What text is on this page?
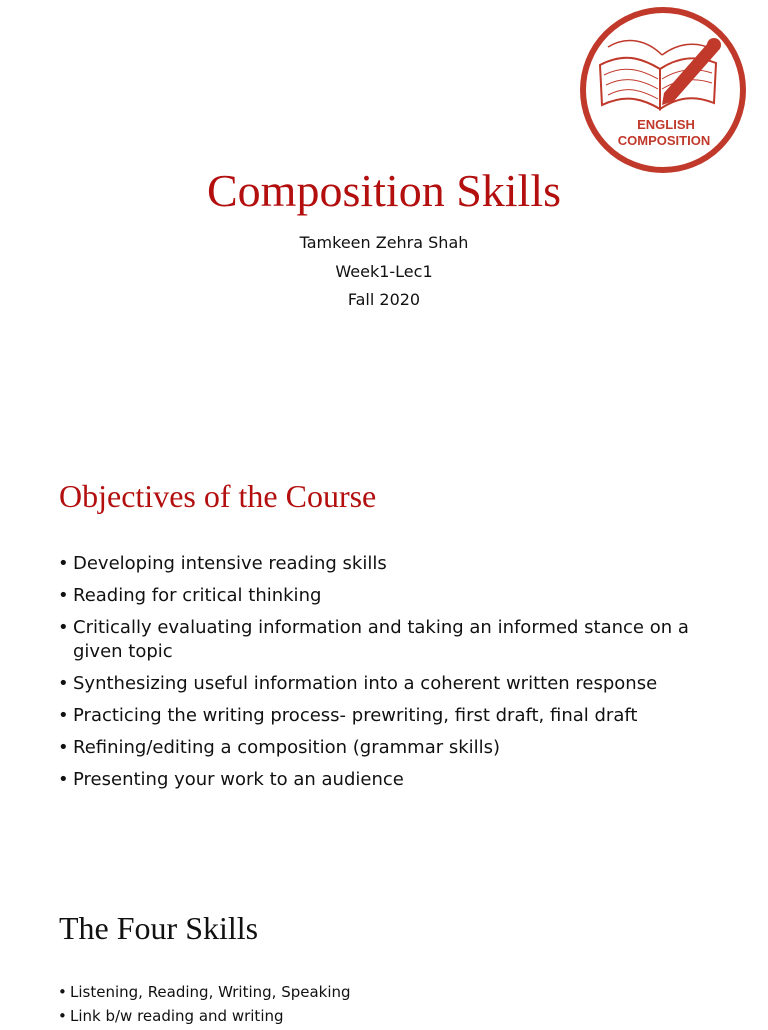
ENGLISH
COMPOSITION
Composition Skills
Tamkeen Zehra Shah
Week1-Lec1
Fall 2020
Objectives of the Course
• Developing intensive reading skills
• Reading for critical thinking
• Critically evaluating information and taking an informed stance on a given topic
• Synthesizing useful information into a coherent written response
• Practicing the writing process- prewriting, first draft, final draft
• Refining/editing a composition (grammar skills)
• Presenting your work to an audience
The Four Skills
• Listening, Reading, Writing, Speaking
• Link b/w reading and writing
